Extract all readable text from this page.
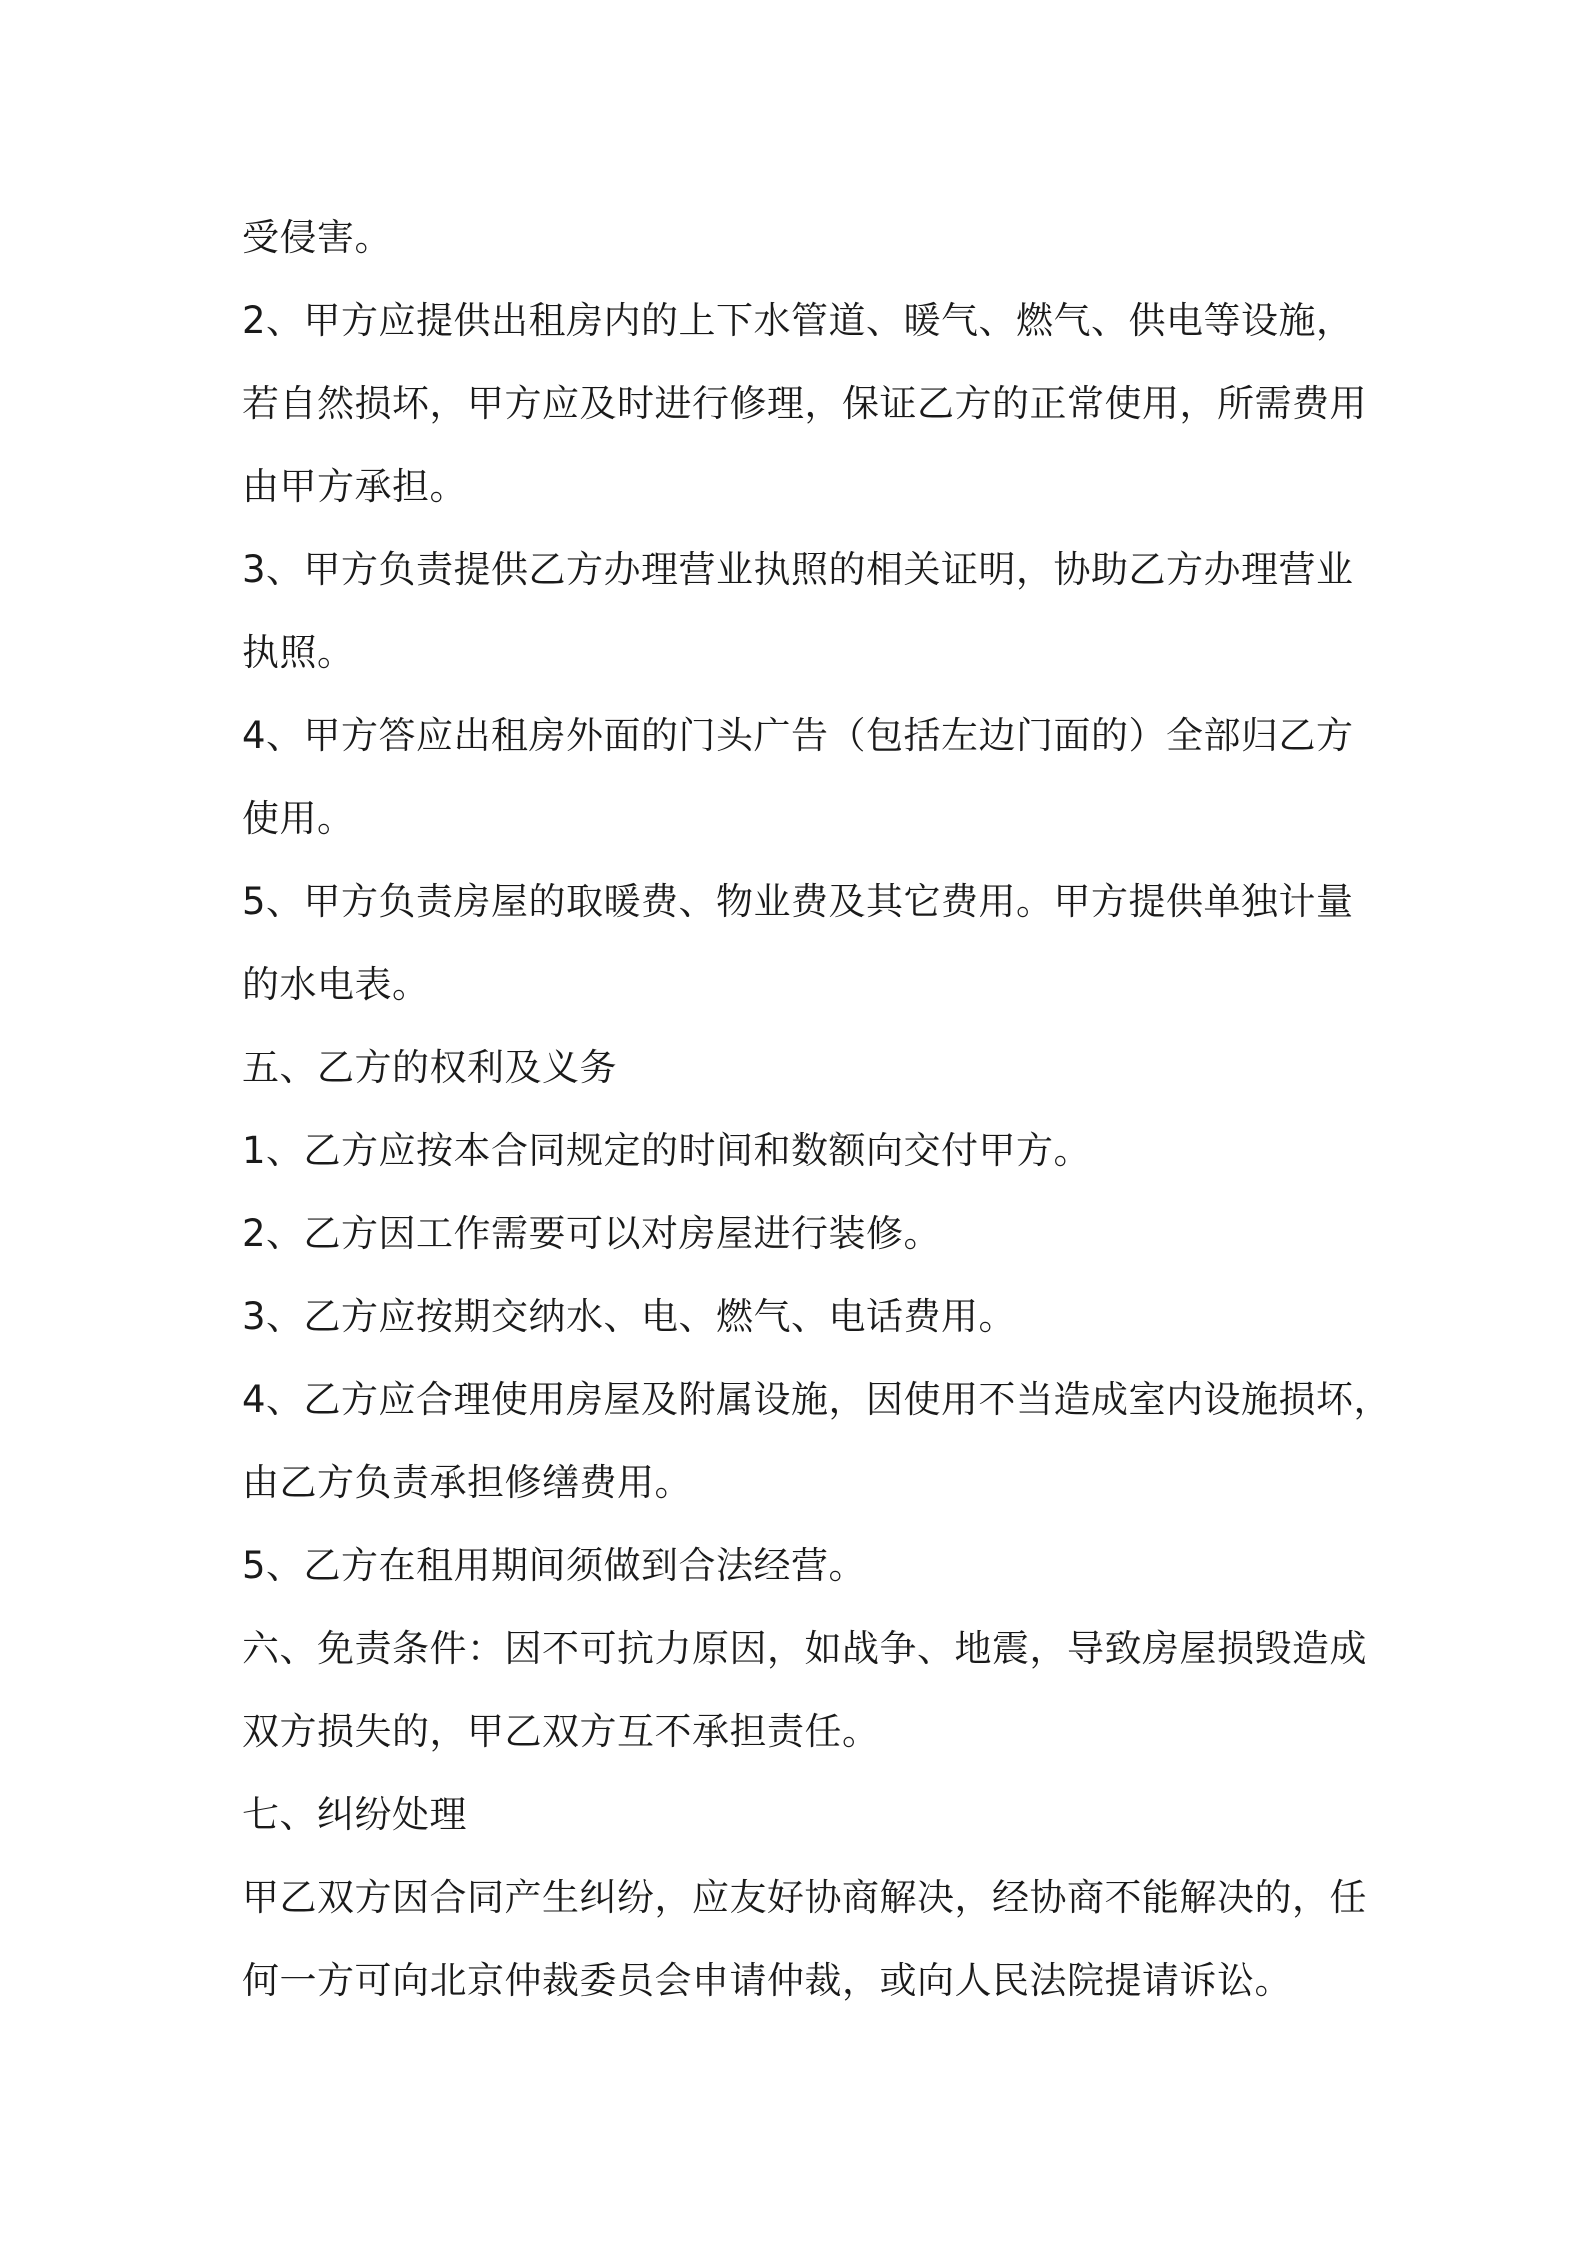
受侵害。
2、甲方应提供出租房内的上下水管道、暖气、燃气、供电等设施，
若自然损坏，甲方应及时进行修理，保证乙方的正常使用，所需费用
由甲方承担。
3、甲方负责提供乙方办理营业执照的相关证明，协助乙方办理营业
执照。
4、甲方答应出租房外面的门头广告（包括左边门面的）全部归乙方
使用。
5、甲方负责房屋的取暖费、物业费及其它费用。甲方提供单独计量
的水电表。
五、乙方的权利及义务
1、乙方应按本合同规定的时间和数额向交付甲方。
2、乙方因工作需要可以对房屋进行装修。
3、乙方应按期交纳水、电、燃气、电话费用。
4、乙方应合理使用房屋及附属设施，因使用不当造成室内设施损坏，
由乙方负责承担修缮费用。
5、乙方在租用期间须做到合法经营。
六、免责条件：因不可抗力原因，如战争、地震，导致房屋损毁造成
双方损失的，甲乙双方互不承担责任。
七、纠纷处理
甲乙双方因合同产生纠纷，应友好协商解决，经协商不能解决的，任
何一方可向北京仲裁委员会申请仲裁，或向人民法院提请诉讼。
